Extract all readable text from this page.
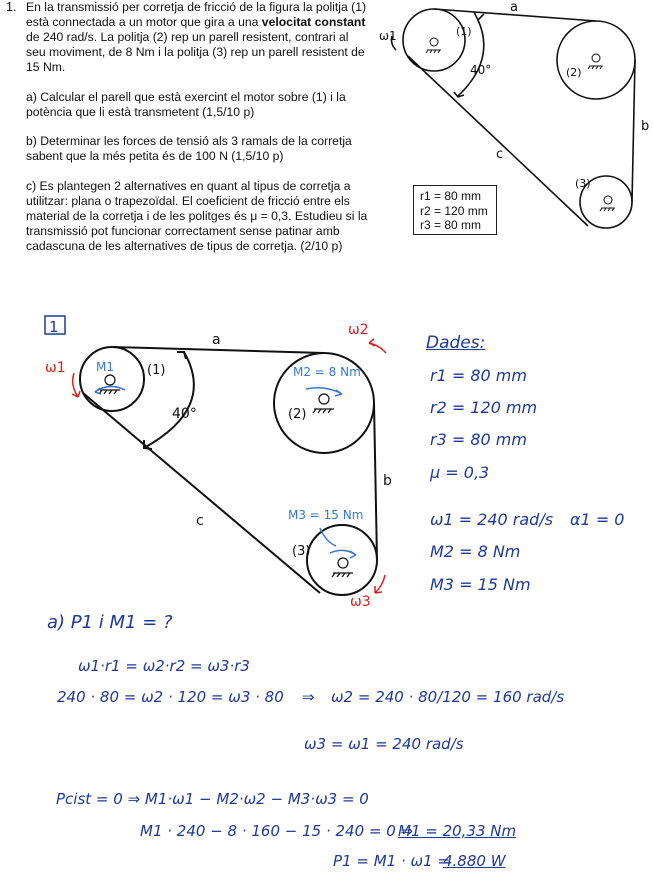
1. En la transmissió per corretja de fricció de la figura la politja (1) està connectada a un motor que gira a una velocitat constant de 240 rad/s. La politja (2) rep un parell resistent, contrari al seu moviment, de 8 Nm i la politja (3) rep un parell resistent de 15 Nm.
a) Calcular el parell que està exercint el motor sobre (1) i la potència que li està transmetent (1,5/10 p)
b) Determinar les forces de tensió als 3 ramals de la corretja sabent que la més petita és de 100 N (1,5/10 p)
c) Es plantegen 2 alternatives en quant al tipus de corretja a utilitzar: plana o trapezoïdal. El coeficient de fricció entre els material de la corretja i de les politges és μ = 0,3. Estudieu si la transmissió pot funcionar correctament sense patinar amb cadascuna de les alternatives de tipus de corretja. (2/10 p)
a
b
c
ω1	(1)
(2)
(3)
40°
r1 = 80 mm
r2 = 120 mm
r3 = 80 mm
1
a
b
c
ω1
ω2
ω3
M1	M2 = 8 Nm
M3 = 15 Nm
(1)
(2)
(3)
40°
Dades:
r1 = 80 mm
r2 = 120 mm
r3 = 80 mm
μ = 0,3
ω1 = 240 rad/s α1 = 0
M2 = 8 Nm
M3 = 15 Nm
a) P1 i M1 = ?
ω1·r1 = ω2·r2 = ω3·r3
240 · 80 = ω2 · 120 = ω3 · 80 ⇒ ω2 = 240 · 80/120 = 160 rad/s
ω3 = ω1 = 240 rad/s
Pcist = 0 ⇒ M1·ω1 − M2·ω2 − M3·ω3 = 0
M1 · 240 − 8 · 160 − 15 · 240 = 0 ⇒
M1 = 20,33 Nm
P1 = M1 · ω1 =
4.880 W
